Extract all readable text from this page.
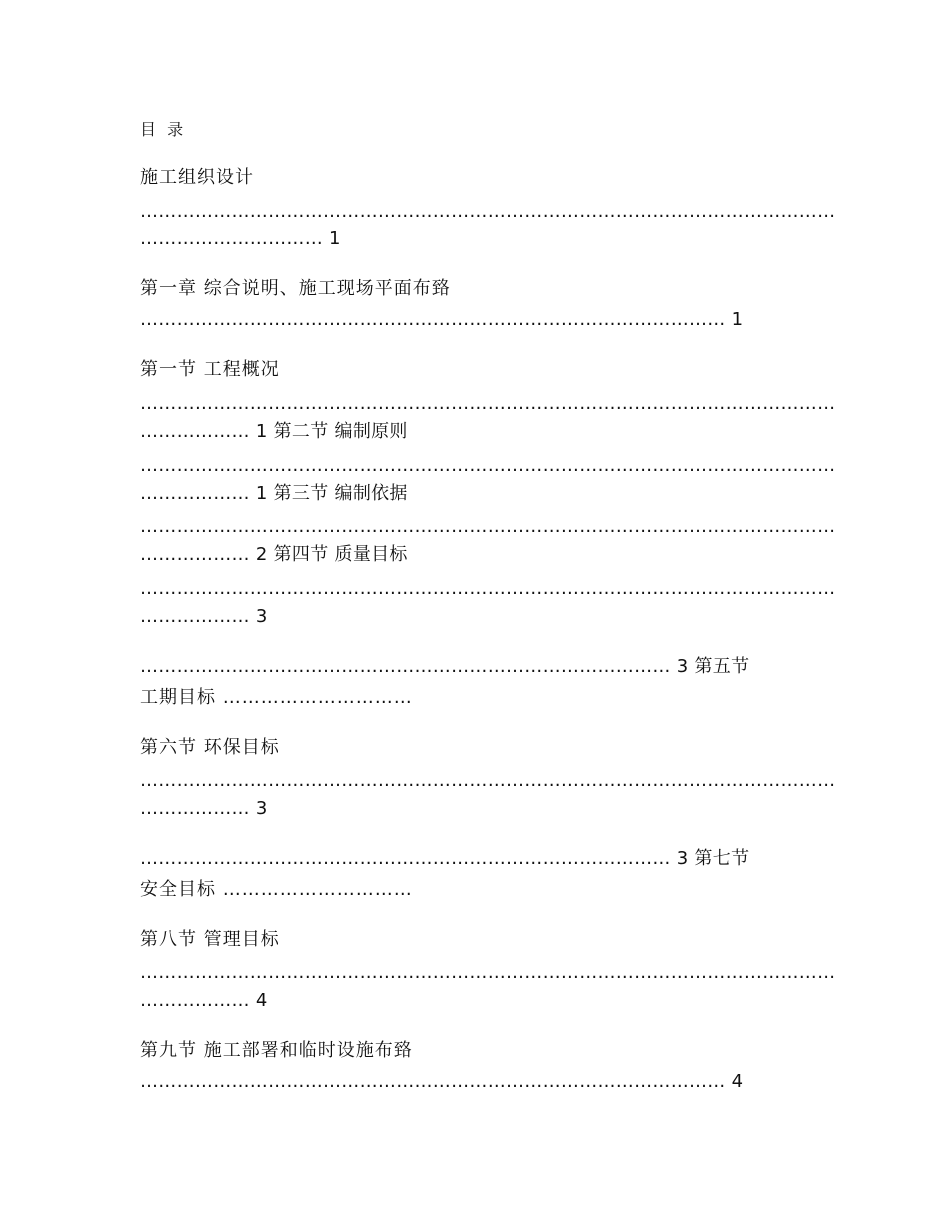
目 录
施工组织设计
……………………………………………………………………………………………………
………………………… 1
第一章 综合说明、施工现场平面布臵
…………………………………………………………………………………… 1
第一节 工程概况
……………………………………………………………………………………………………
……………… 1 第二节 编制原则
……………………………………………………………………………………………………
……………… 1 第三节 编制依据
……………………………………………………………………………………………………
……………… 2 第四节 质量目标
……………………………………………………………………………………………………
……………… 3
…………………………………………………………………………… 3 第五节
工期目标 …………………………
第六节 环保目标
……………………………………………………………………………………………………
……………… 3
…………………………………………………………………………… 3 第七节
安全目标 …………………………
第八节 管理目标
……………………………………………………………………………………………………
……………… 4
第九节 施工部署和临时设施布臵
…………………………………………………………………………………… 4
